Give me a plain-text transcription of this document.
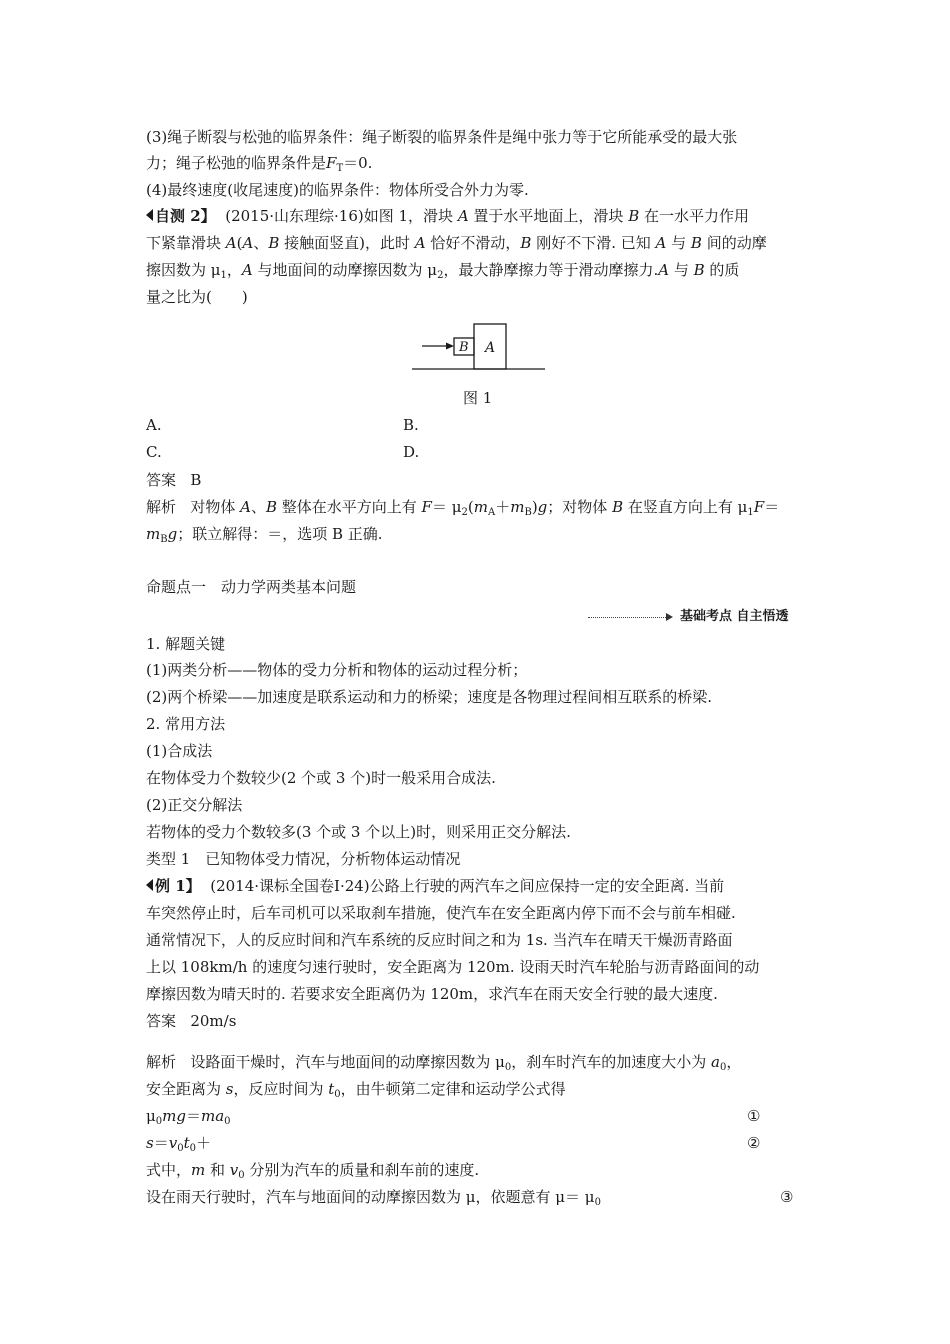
(3)绳子断裂与松弛的临界条件：绳子断裂的临界条件是绳中张力等于它所能承受的最大张
力；绳子松弛的临界条件是$F_T=0$.
(4)最终速度(收尾速度)的临界条件：物体所受合外力为零.
自测 2】 (2015·山东理综·16)如图 1，滑块 A 置于水平地面上，滑块 B 在一水平力作用
下紧靠滑块 A(A、B 接触面竖直)，此时 A 恰好不滑动，B 刚好不下滑. 已知 A 与 B 间的动摩
擦因数为 $\mu_1$，A 与地面间的动摩擦因数为 $\mu_2$，最大静摩擦力等于滑动摩擦力.A 与 B 的质
量之比为(　　)
B A
图 1
A.	B.
C.	D.
答案 B
解析 对物体 A、B 整体在水平方向上有 $F= \mu_2(m_A+m_B)g$；对物体 B 在竖直方向上有 $\mu_1F=$
$m_Bg$；联立解得：＝，选项 B 正确.
命题点一　动力学两类基本问题
基础考点 自主悟透
1. 解题关键
(1)两类分析——物体的受力分析和物体的运动过程分析；
(2)两个桥梁——加速度是联系运动和力的桥梁；速度是各物理过程间相互联系的桥梁.
2. 常用方法
(1)合成法
在物体受力个数较少(2 个或 3 个)时一般采用合成法.
(2)正交分解法
若物体的受力个数较多(3 个或 3 个以上)时，则采用正交分解法.
类型 1　已知物体受力情况，分析物体运动情况
例 1】 (2014·课标全国卷Ⅰ·24)公路上行驶的两汽车之间应保持一定的安全距离. 当前
车突然停止时，后车司机可以采取刹车措施，使汽车在安全距离内停下而不会与前车相碰.
通常情况下，人的反应时间和汽车系统的反应时间之和为 1s. 当汽车在晴天干燥沥青路面
上以 108km/h 的速度匀速行驶时，安全距离为 120m. 设雨天时汽车轮胎与沥青路面间的动
摩擦因数为晴天时的. 若要求安全距离仍为 120m，求汽车在雨天安全行驶的最大速度.
答案 20m/s
解析 设路面干燥时，汽车与地面间的动摩擦因数为 $\mu_0$，刹车时汽车的加速度大小为 $a_0$，
安全距离为 s，反应时间为 $t_0$，由牛顿第二定律和运动学公式得
$\mu_0mg=ma_0$	①
$s=v_0t_0+$	②
式中，m 和 $v_0$ 分别为汽车的质量和刹车前的速度.
设在雨天行驶时，汽车与地面间的动摩擦因数为 μ，依题意有 $\mu= \mu_0$	③
